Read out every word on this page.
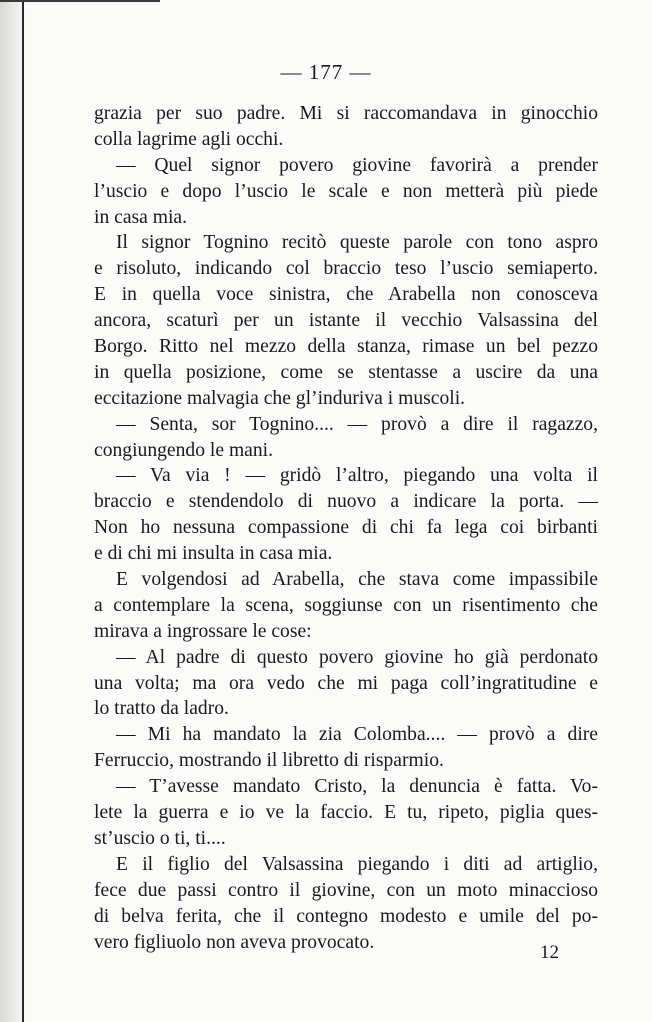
— 177 —
grazia per suo padre. Mi si raccomandava in ginocchio
colla lagrime agli occhi.
— Quel signor povero giovine favorirà a prender
l’uscio e dopo l’uscio le scale e non metterà più piede
in casa mia.
Il signor Tognino recitò queste parole con tono aspro
e risoluto, indicando col braccio teso l’uscio semiaperto.
E in quella voce sinistra, che Arabella non conosceva
ancora, scaturì per un istante il vecchio Valsassina del
Borgo. Ritto nel mezzo della stanza, rimase un bel pezzo
in quella posizione, come se stentasse a uscire da una
eccitazione malvagia che gl’induriva i muscoli.
— Senta, sor Tognino.... — provò a dire il ragazzo,
congiungendo le mani.
— Va via ! — gridò l’altro, piegando una volta il
braccio e stendendolo di nuovo a indicare la porta. —
Non ho nessuna compassione di chi fa lega coi birbanti
e di chi mi insulta in casa mia.
E volgendosi ad Arabella, che stava come impassibile
a contemplare la scena, soggiunse con un risentimento che
mirava a ingrossare le cose:
— Al padre di questo povero giovine ho già perdonato
una volta; ma ora vedo che mi paga coll’ingratitudine e
lo tratto da ladro.
— Mi ha mandato la zia Colomba.... — provò a dire
Ferruccio, mostrando il libretto di risparmio.
— T’avesse mandato Cristo, la denuncia è fatta. Vo-
lete la guerra e io ve la faccio. E tu, ripeto, piglia ques-
st’uscio o ti, ti....
E il figlio del Valsassina piegando i diti ad artiglio,
fece due passi contro il giovine, con un moto minaccioso
di belva ferita, che il contegno modesto e umile del po-
vero figliuolo non aveva provocato.	12
